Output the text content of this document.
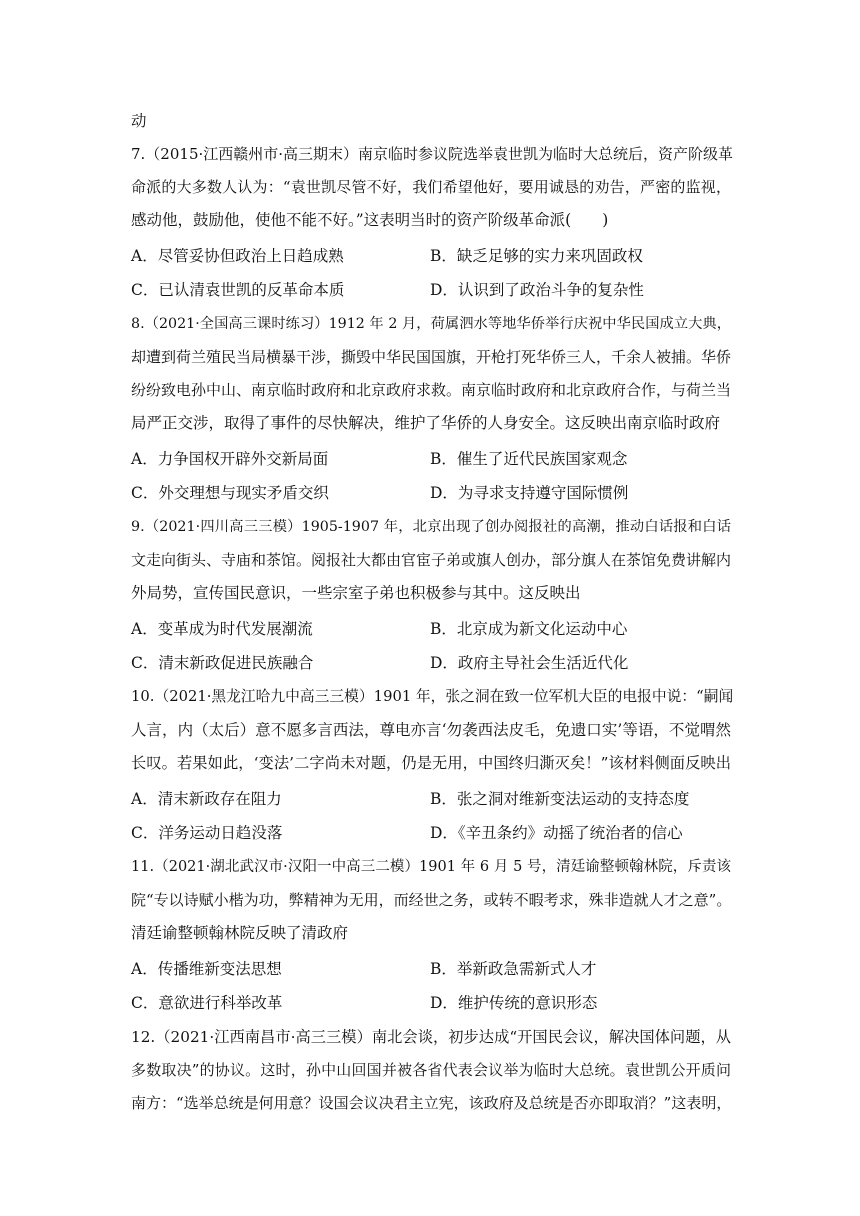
动
7.（2015·江西赣州市·高三期末）南京临时参议院选举袁世凯为临时大总统后，资产阶级革
命派的大多数人认为：“袁世凯尽管不好，我们希望他好，要用诚恳的劝告，严密的监视，
感动他，鼓励他，使他不能不好。”这表明当时的资产阶级革命派(　　)
A．尽管妥协但政治上日趋成熟	B．缺乏足够的实力来巩固政权
C．已认清袁世凯的反革命本质	D．认识到了政治斗争的复杂性
8.（2021·全国高三课时练习）1912 年 2 月，荷属泗水等地华侨举行庆祝中华民国成立大典，
却遭到荷兰殖民当局横暴干涉，撕毁中华民国国旗，开枪打死华侨三人，千余人被捕。华侨
纷纷致电孙中山、南京临时政府和北京政府求救。南京临时政府和北京政府合作，与荷兰当
局严正交涉，取得了事件的尽快解决，维护了华侨的人身安全。这反映出南京临时政府
A．力争国权开辟外交新局面	B．催生了近代民族国家观念
C．外交理想与现实矛盾交织	D．为寻求支持遵守国际惯例
9.（2021·四川高三三模）1905-1907 年，北京出现了创办阅报社的高潮，推动白话报和白话
文走向街头、寺庙和茶馆。阅报社大都由官宦子弟或旗人创办，部分旗人在茶馆免费讲解内
外局势，宣传国民意识，一些宗室子弟也积极参与其中。这反映出
A．变革成为时代发展潮流	B．北京成为新文化运动中心
C．清末新政促进民族融合	D．政府主导社会生活近代化
10.（2021·黑龙江哈九中高三三模）1901 年，张之洞在致一位军机大臣的电报中说：“嗣闻
人言，内（太后）意不愿多言西法，尊电亦言‘勿袭西法皮毛，免遗口实’等语，不觉喟然
长叹。若果如此，‘变法’二字尚未对题，仍是无用，中国终归澌灭矣！”该材料侧面反映出
A．清末新政存在阻力	B．张之洞对维新变法运动的支持态度
C．洋务运动日趋没落	D．《辛丑条约》动摇了统治者的信心
11.（2021·湖北武汉市·汉阳一中高三二模）1901 年 6 月 5 号，清廷谕整顿翰林院，斥责该
院“专以诗赋小楷为功，弊精神为无用，而经世之务，或转不暇考求，殊非造就人才之意”。
清廷谕整顿翰林院反映了清政府
A．传播维新变法思想	B．举新政急需新式人才
C．意欲进行科举改革	D．维护传统的意识形态
12.（2021·江西南昌市·高三三模）南北会谈，初步达成“开国民会议，解决国体问题，从
多数取决”的协议。这时，孙中山回国并被各省代表会议举为临时大总统。袁世凯公开质问
南方：“选举总统是何用意？设国会议决君主立宪，该政府及总统是否亦即取消？”这表明，
